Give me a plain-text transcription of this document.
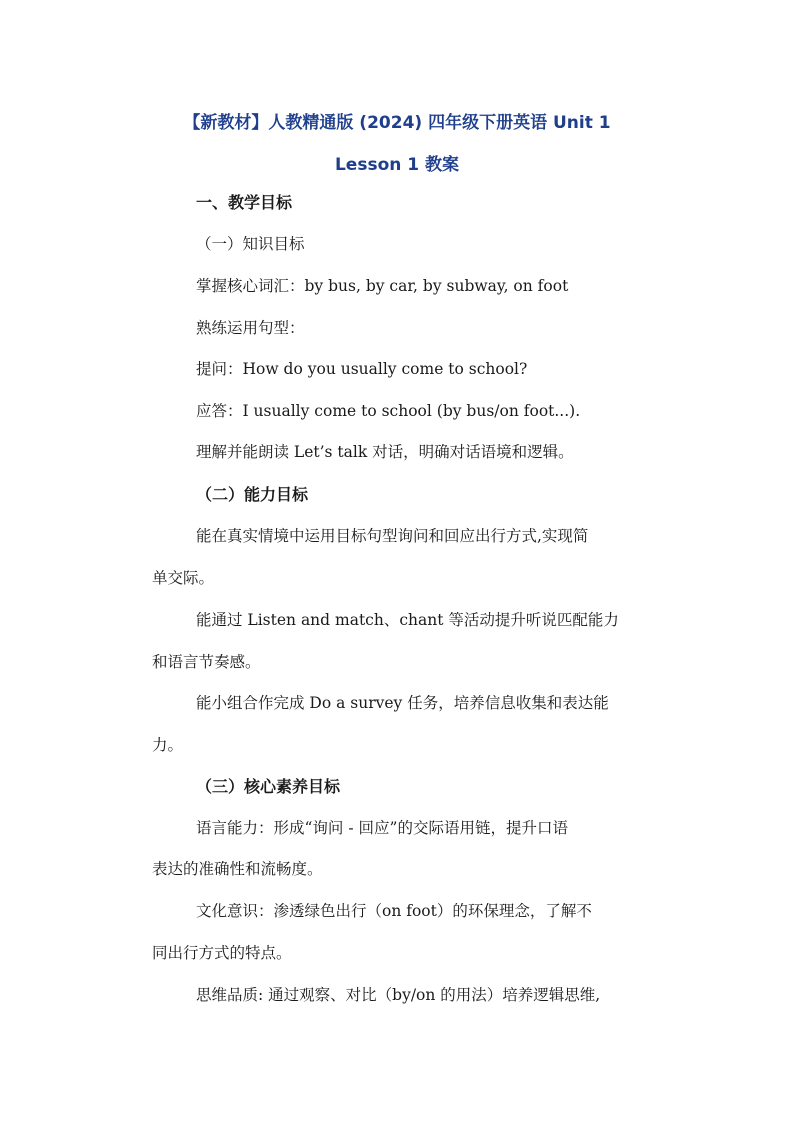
【新教材】人教精通版 (2024) 四年级下册英语 Unit 1
Lesson 1 教案
一、教学目标
（一）知识目标
掌握核心词汇：by bus, by car, by subway, on foot
熟练运用句型：
提问：How do you usually come to school?
应答：I usually come to school (by bus/on foot...).
理解并能朗读 Let’s talk 对话，明确对话语境和逻辑。
（二）能力目标
能在真实情境中运用目标句型询问和回应出行方式,实现简
单交际。
能通过 Listen and match、chant 等活动提升听说匹配能力
和语言节奏感。
能小组合作完成 Do a survey 任务，培养信息收集和表达能
力。
（三）核心素养目标
语言能力：形成“询问 - 回应”的交际语用链，提升口语
表达的准确性和流畅度。
文化意识：渗透绿色出行（on foot）的环保理念，了解不
同出行方式的特点。
思维品质: 通过观察、对比（by/on 的用法）培养逻辑思维,
